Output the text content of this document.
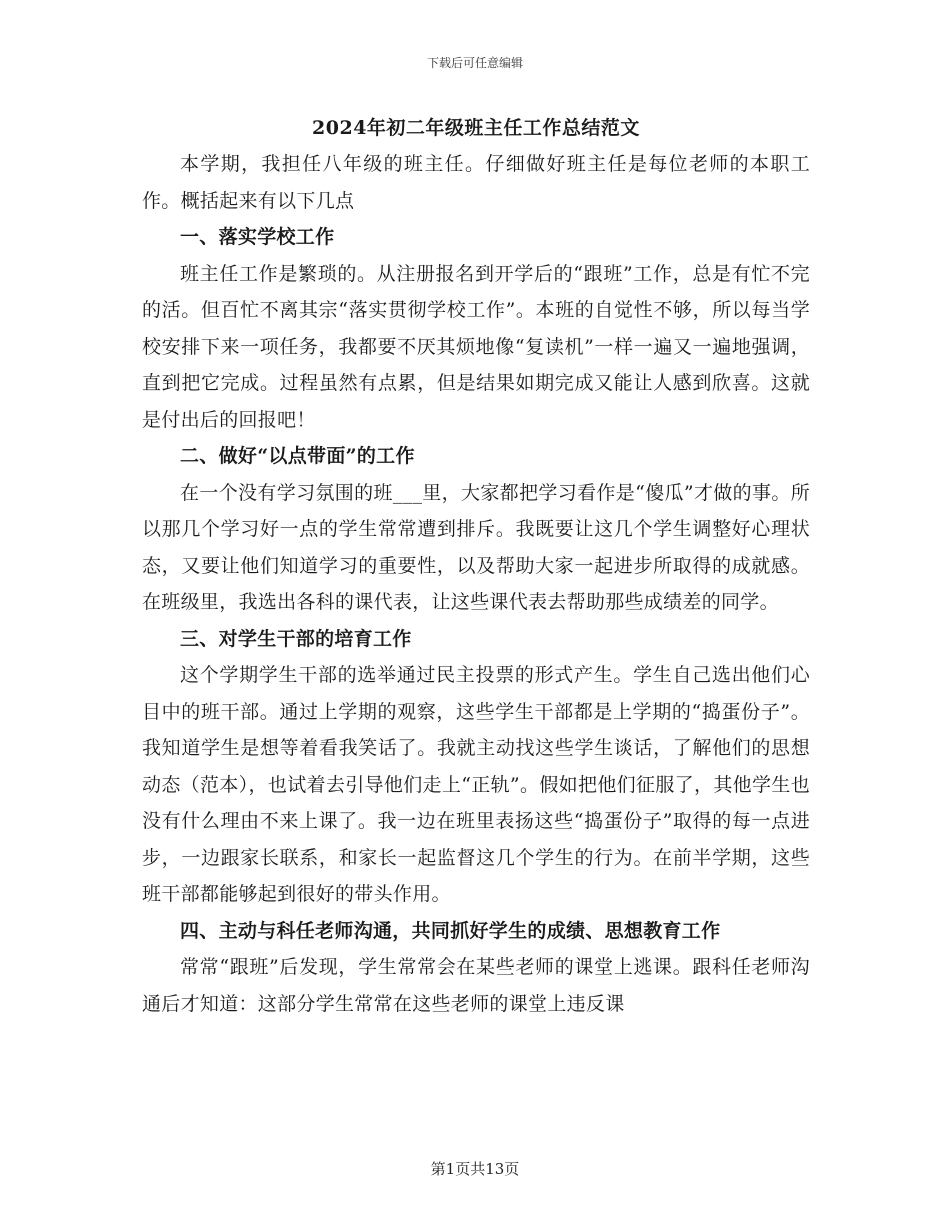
下载后可任意编辑
2024年初二年级班主任工作总结范文

本学期，我担任八年级的班主任。仔细做好班主任是每位老师的本职工作。概括起来有以下几点

一、落实学校工作

班主任工作是繁琐的。从注册报名到开学后的“跟班”工作，总是有忙不完的活。但百忙不离其宗“落实贯彻学校工作”。本班的自觉性不够，所以每当学校安排下来一项任务，我都要不厌其烦地像“复读机”一样一遍又一遍地强调，直到把它完成。过程虽然有点累，但是结果如期完成又能让人感到欣喜。这就是付出后的回报吧！

二、做好“以点带面”的工作

在一个没有学习氛围的班___里，大家都把学习看作是“傻瓜”才做的事。所以那几个学习好一点的学生常常遭到排斥。我既要让这几个学生调整好心理状态，又要让他们知道学习的重要性，以及帮助大家一起进步所取得的成就感。在班级里，我选出各科的课代表，让这些课代表去帮助那些成绩差的同学。

三、对学生干部的培育工作

这个学期学生干部的选举通过民主投票的形式产生。学生自己选出他们心目中的班干部。通过上学期的观察，这些学生干部都是上学期的“捣蛋份子”。我知道学生是想等着看我笑话了。我就主动找这些学生谈话，了解他们的思想动态（范本），也试着去引导他们走上“正轨”。假如把他们征服了，其他学生也没有什么理由不来上课了。我一边在班里表扬这些“捣蛋份子”取得的每一点进步，一边跟家长联系，和家长一起监督这几个学生的行为。在前半学期，这些班干部都能够起到很好的带头作用。

四、主动与科任老师沟通，共同抓好学生的成绩、思想教育工作

常常“跟班”后发现，学生常常会在某些老师的课堂上逃课。跟科任老师沟通后才知道：这部分学生常常在这些老师的课堂上违反课

第1页共13页
